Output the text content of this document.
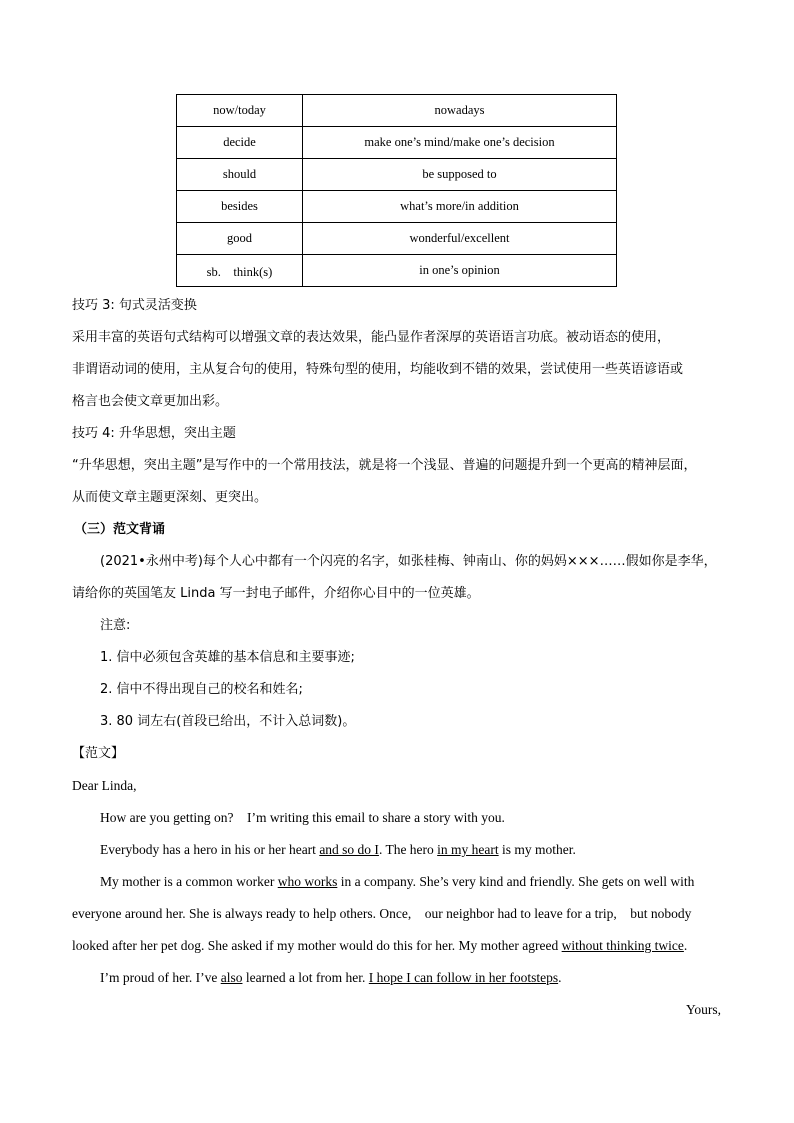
now/today	nowadays
decide	make one’s mind/make one’s decision
should	be supposed to
besides	what’s more/in addition
good	wonderful/excellent
sb.　think(s)	in one’s opinion
技巧 3: 句式灵活变换
采用丰富的英语句式结构可以增强文章的表达效果，能凸显作者深厚的英语语言功底。被动语态的使用，
非谓语动词的使用，主从复合句的使用，特殊句型的使用，均能收到不错的效果，尝试使用一些英语谚语或
格言也会使文章更加出彩。
技巧 4: 升华思想，突出主题
“升华思想，突出主题”是写作中的一个常用技法，就是将一个浅显、普遍的问题提升到一个更高的精神层面，
从而使文章主题更深刻、更突出。
（三）范文背诵
(2021•永州中考)每个人心中都有一个闪亮的名字，如张桂梅、钟南山、你的妈妈×××……假如你是李华，
请给你的英国笔友 Linda 写一封电子邮件，介绍你心目中的一位英雄。
注意:
1. 信中必须包含英雄的基本信息和主要事迹;
2. 信中不得出现自己的校名和姓名;
3. 80 词左右(首段已给出，不计入总词数)。
【范文】
Dear Linda,
How are you getting on?　I’m writing this email to share a story with you.
Everybody has a hero in his or her heart and so do I. The hero in my heart is my mother.
My mother is a common worker who works in a company. She’s very kind and friendly. She gets on well with
everyone around her. She is always ready to help others. Once,　our neighbor had to leave for a trip,　but nobody
looked after her pet dog. She asked if my mother would do this for her. My mother agreed without thinking twice.
I’m proud of her. I’ve also learned a lot from her. I hope I can follow in her footsteps.
Yours,
